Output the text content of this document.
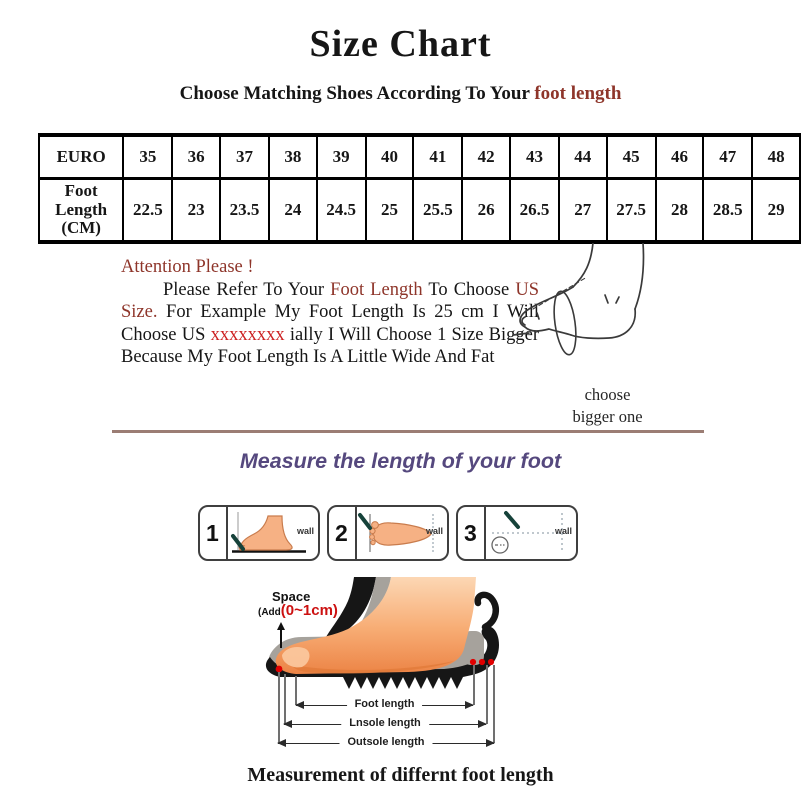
Size Chart
Choose Matching Shoes According To Your foot length
EURO	35	36	37	38	39	40	41	42	43	44	45	46	47	48
Foot Length (CM)	22.5	23	23.5	24	24.5	25	25.5	26	26.5	27	27.5	28	28.5	29
Attention Please !

Please Refer To Your Foot Length To Choose US Size. For Example My Foot Length Is 25 cm I Will Choose US xxxxxxxx ially I Will Choose 1 Size Bigger Because My Foot Length Is A Little Wide And Fat

choose
bigger one
Measure the length of your foot
1	wall 2	wall 3	wall
Space
(Add (0~1cm)
Foot length
Lnsole length
Outsole length
Measurement of differnt foot length
